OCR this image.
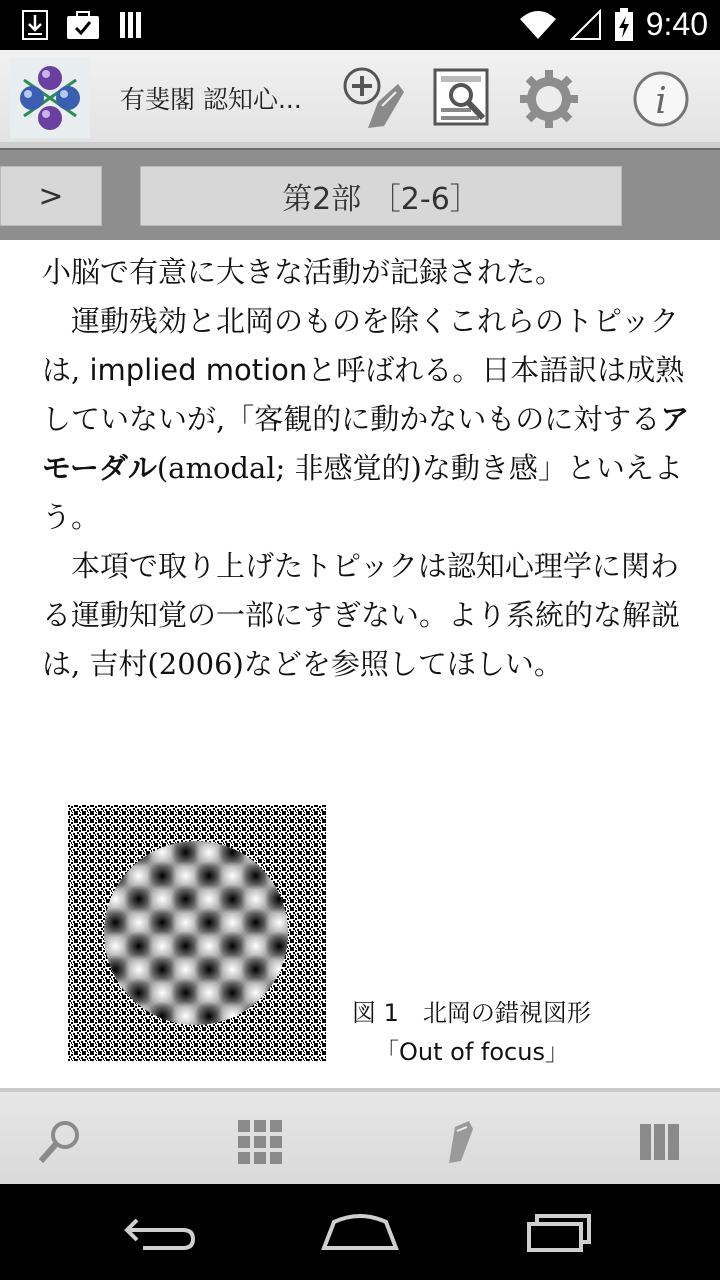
9:40
有斐閣 認知心...	i
>	第2部 ［2-6］

小脳で有意に大きな活動が記録された。

　運動残効と北岡のものを除くこれらのトピックは, implied motionと呼ばれる。日本語訳は成熟していないが,「客観的に動かないものに対するアモーダル(amodal; 非感覚的)な動き感」といえよう。

　本項で取り上げたトピックは認知心理学に関わる運動知覚の一部にすぎない。より系統的な解説は, 吉村(2006)などを参照してほしい。

図 1　北岡の錯視図形
「Out of focus」
